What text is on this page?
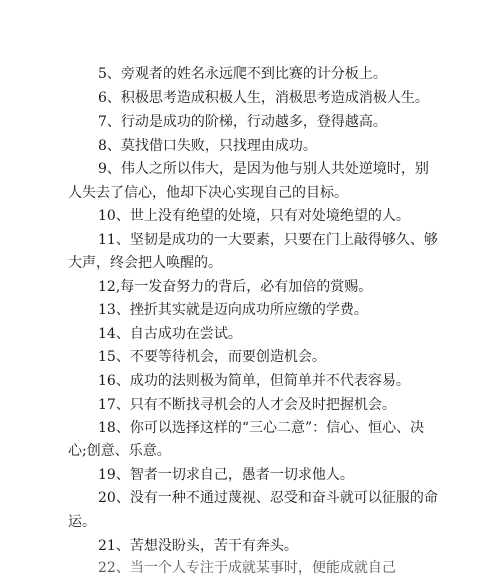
5、旁观者的姓名永远爬不到比赛的计分板上。
6、积极思考造成积极人生，消极思考造成消极人生。
7、行动是成功的阶梯，行动越多，登得越高。
8、莫找借口失败，只找理由成功。
9、伟人之所以伟大，是因为他与别人共处逆境时，别
人失去了信心，他却下决心实现自己的目标。
10、世上没有绝望的处境，只有对处境绝望的人。
11、坚韧是成功的一大要素，只要在门上敲得够久、够
大声，终会把人唤醒的。
12,每一发奋努力的背后，必有加倍的赏赐。
13、挫折其实就是迈向成功所应缴的学费。
14、自古成功在尝试。
15、不要等待机会，而要创造机会。
16、成功的法则极为简单，但简单并不代表容易。
17、只有不断找寻机会的人才会及时把握机会。
18、你可以选择这样的“三心二意”：信心、恒心、决
心;创意、乐意。
19、智者一切求自己，愚者一切求他人。
20、没有一种不通过蔑视、忍受和奋斗就可以征服的命
运。
21、苦想没盼头，苦干有奔头。
22、当一个人专注于成就某事时，便能成就自己
